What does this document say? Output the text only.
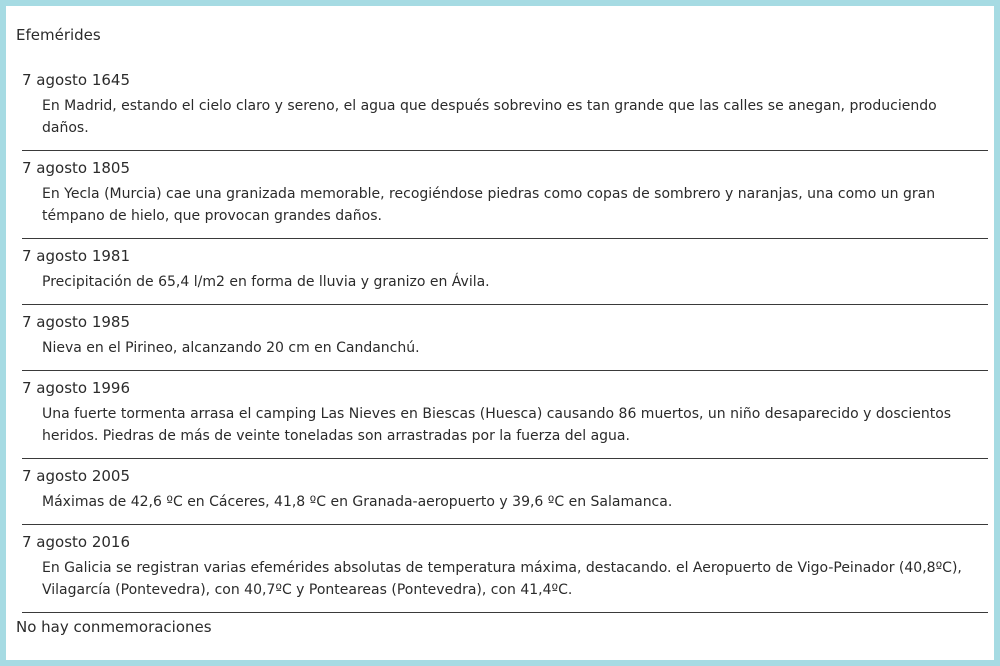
Efemérides
7 agosto 1645
En Madrid, estando el cielo claro y sereno, el agua que después sobrevino es tan grande que las calles se anegan, produciendo daños.
7 agosto 1805
En Yecla (Murcia) cae una granizada memorable, recogiéndose piedras como copas de sombrero y naranjas, una como un gran témpano de hielo, que provocan grandes daños.
7 agosto 1981
Precipitación de 65,4 l/m2 en forma de lluvia y granizo en Ávila.
7 agosto 1985
Nieva en el Pirineo, alcanzando 20 cm en Candanchú.
7 agosto 1996
Una fuerte tormenta arrasa el camping Las Nieves en Biescas (Huesca) causando 86 muertos, un niño desaparecido y doscientos heridos. Piedras de más de veinte toneladas son arrastradas por la fuerza del agua.
7 agosto 2005
Máximas de 42,6 ºC en Cáceres, 41,8 ºC en Granada-aeropuerto y 39,6 ºC en Salamanca.
7 agosto 2016
En Galicia se registran varias efemérides absolutas de temperatura máxima, destacando. el Aeropuerto de Vigo-Peinador (40,8ºC), Vilagarcía (Pontevedra), con 40,7ºC y Ponteareas (Pontevedra), con 41,4ºC.
No hay conmemoraciones
